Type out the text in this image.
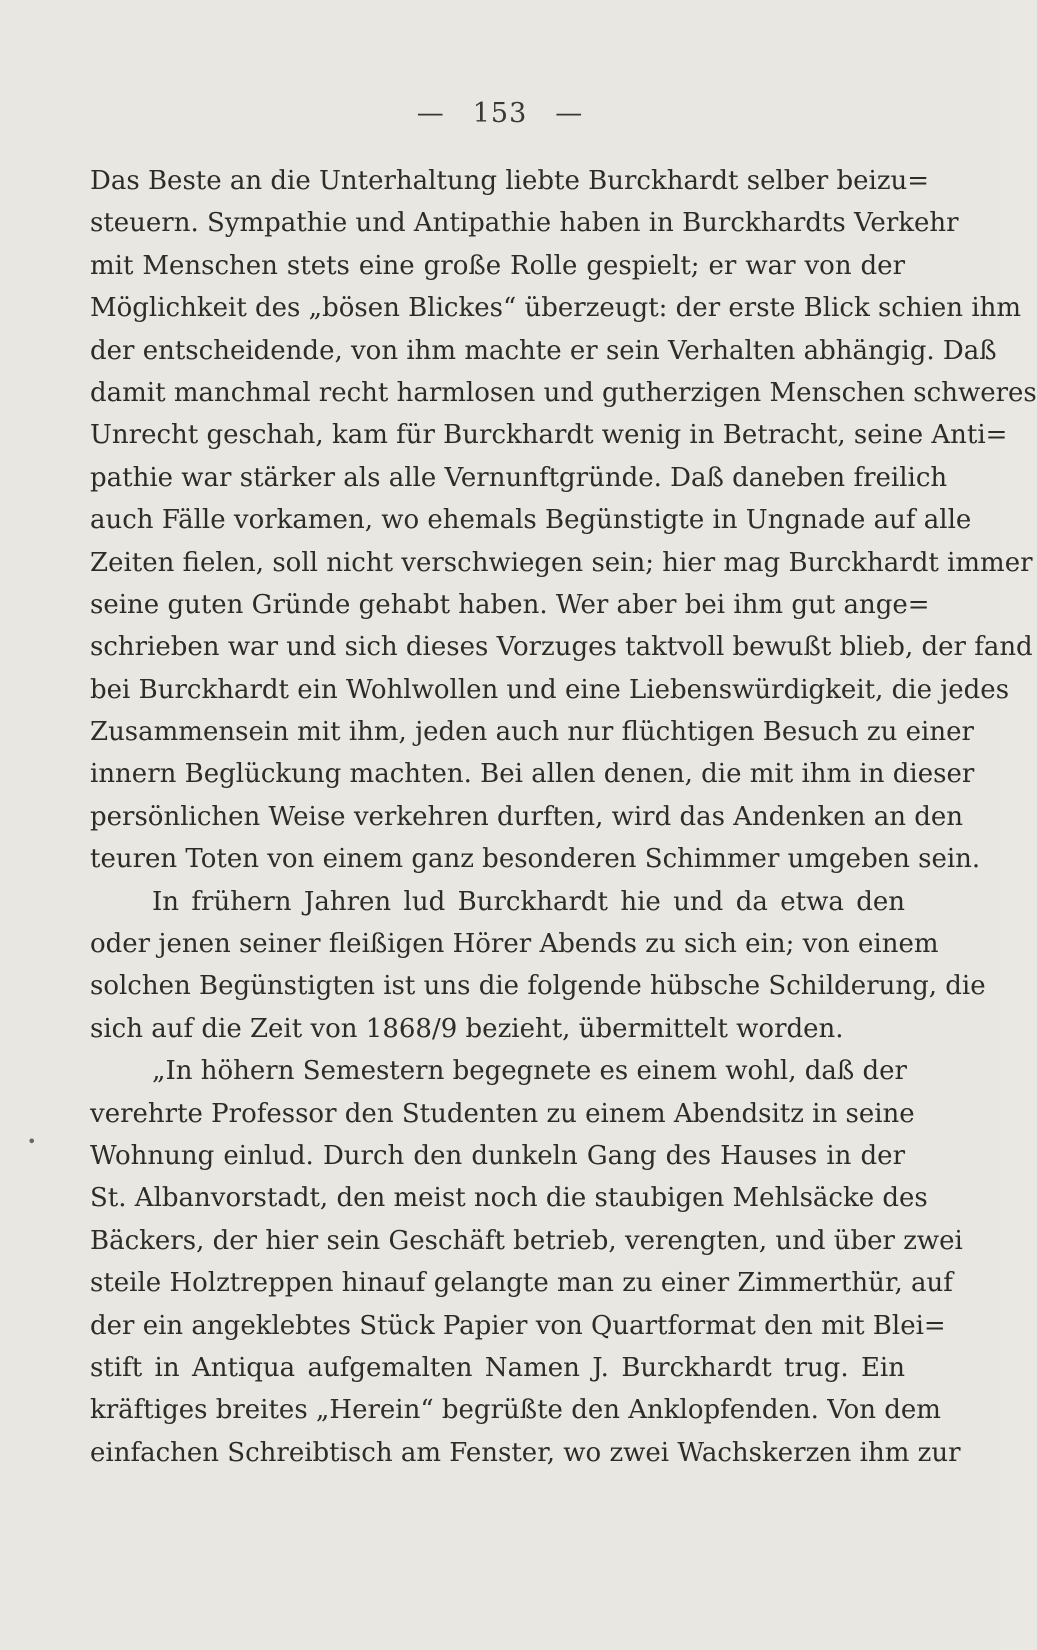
— 153 —
•
Das Beste an die Unterhaltung liebte Burckhardt selber beizu=
steuern. Sympathie und Antipathie haben in Burckhardts Verkehr
mit Menschen stets eine große Rolle gespielt; er war von der
Möglichkeit des „bösen Blickes“ überzeugt: der erste Blick schien ihm
der entscheidende, von ihm machte er sein Verhalten abhängig. Daß
damit manchmal recht harmlosen und gutherzigen Menschen schweres
Unrecht geschah, kam für Burckhardt wenig in Betracht, seine Anti=
pathie war stärker als alle Vernunftgründe. Daß daneben freilich
auch Fälle vorkamen, wo ehemals Begünstigte in Ungnade auf alle
Zeiten fielen, soll nicht verschwiegen sein; hier mag Burckhardt immer
seine guten Gründe gehabt haben. Wer aber bei ihm gut ange=
schrieben war und sich dieses Vorzuges taktvoll bewußt blieb, der fand
bei Burckhardt ein Wohlwollen und eine Liebenswürdigkeit, die jedes
Zusammensein mit ihm, jeden auch nur flüchtigen Besuch zu einer
innern Beglückung machten. Bei allen denen, die mit ihm in dieser
persönlichen Weise verkehren durften, wird das Andenken an den
teuren Toten von einem ganz besonderen Schimmer umgeben sein.
In frühern Jahren lud Burckhardt hie und da etwa den
oder jenen seiner fleißigen Hörer Abends zu sich ein; von einem
solchen Begünstigten ist uns die folgende hübsche Schilderung, die
sich auf die Zeit von 1868/9 bezieht, übermittelt worden.
„In höhern Semestern begegnete es einem wohl, daß der
verehrte Professor den Studenten zu einem Abendsitz in seine
Wohnung einlud. Durch den dunkeln Gang des Hauses in der
St. Albanvorstadt, den meist noch die staubigen Mehlsäcke des
Bäckers, der hier sein Geschäft betrieb, verengten, und über zwei
steile Holztreppen hinauf gelangte man zu einer Zimmerthür, auf
der ein angeklebtes Stück Papier von Quartformat den mit Blei=
stift in Antiqua aufgemalten Namen J. Burckhardt trug. Ein
kräftiges breites „Herein“ begrüßte den Anklopfenden. Von dem
einfachen Schreibtisch am Fenster, wo zwei Wachskerzen ihm zur
